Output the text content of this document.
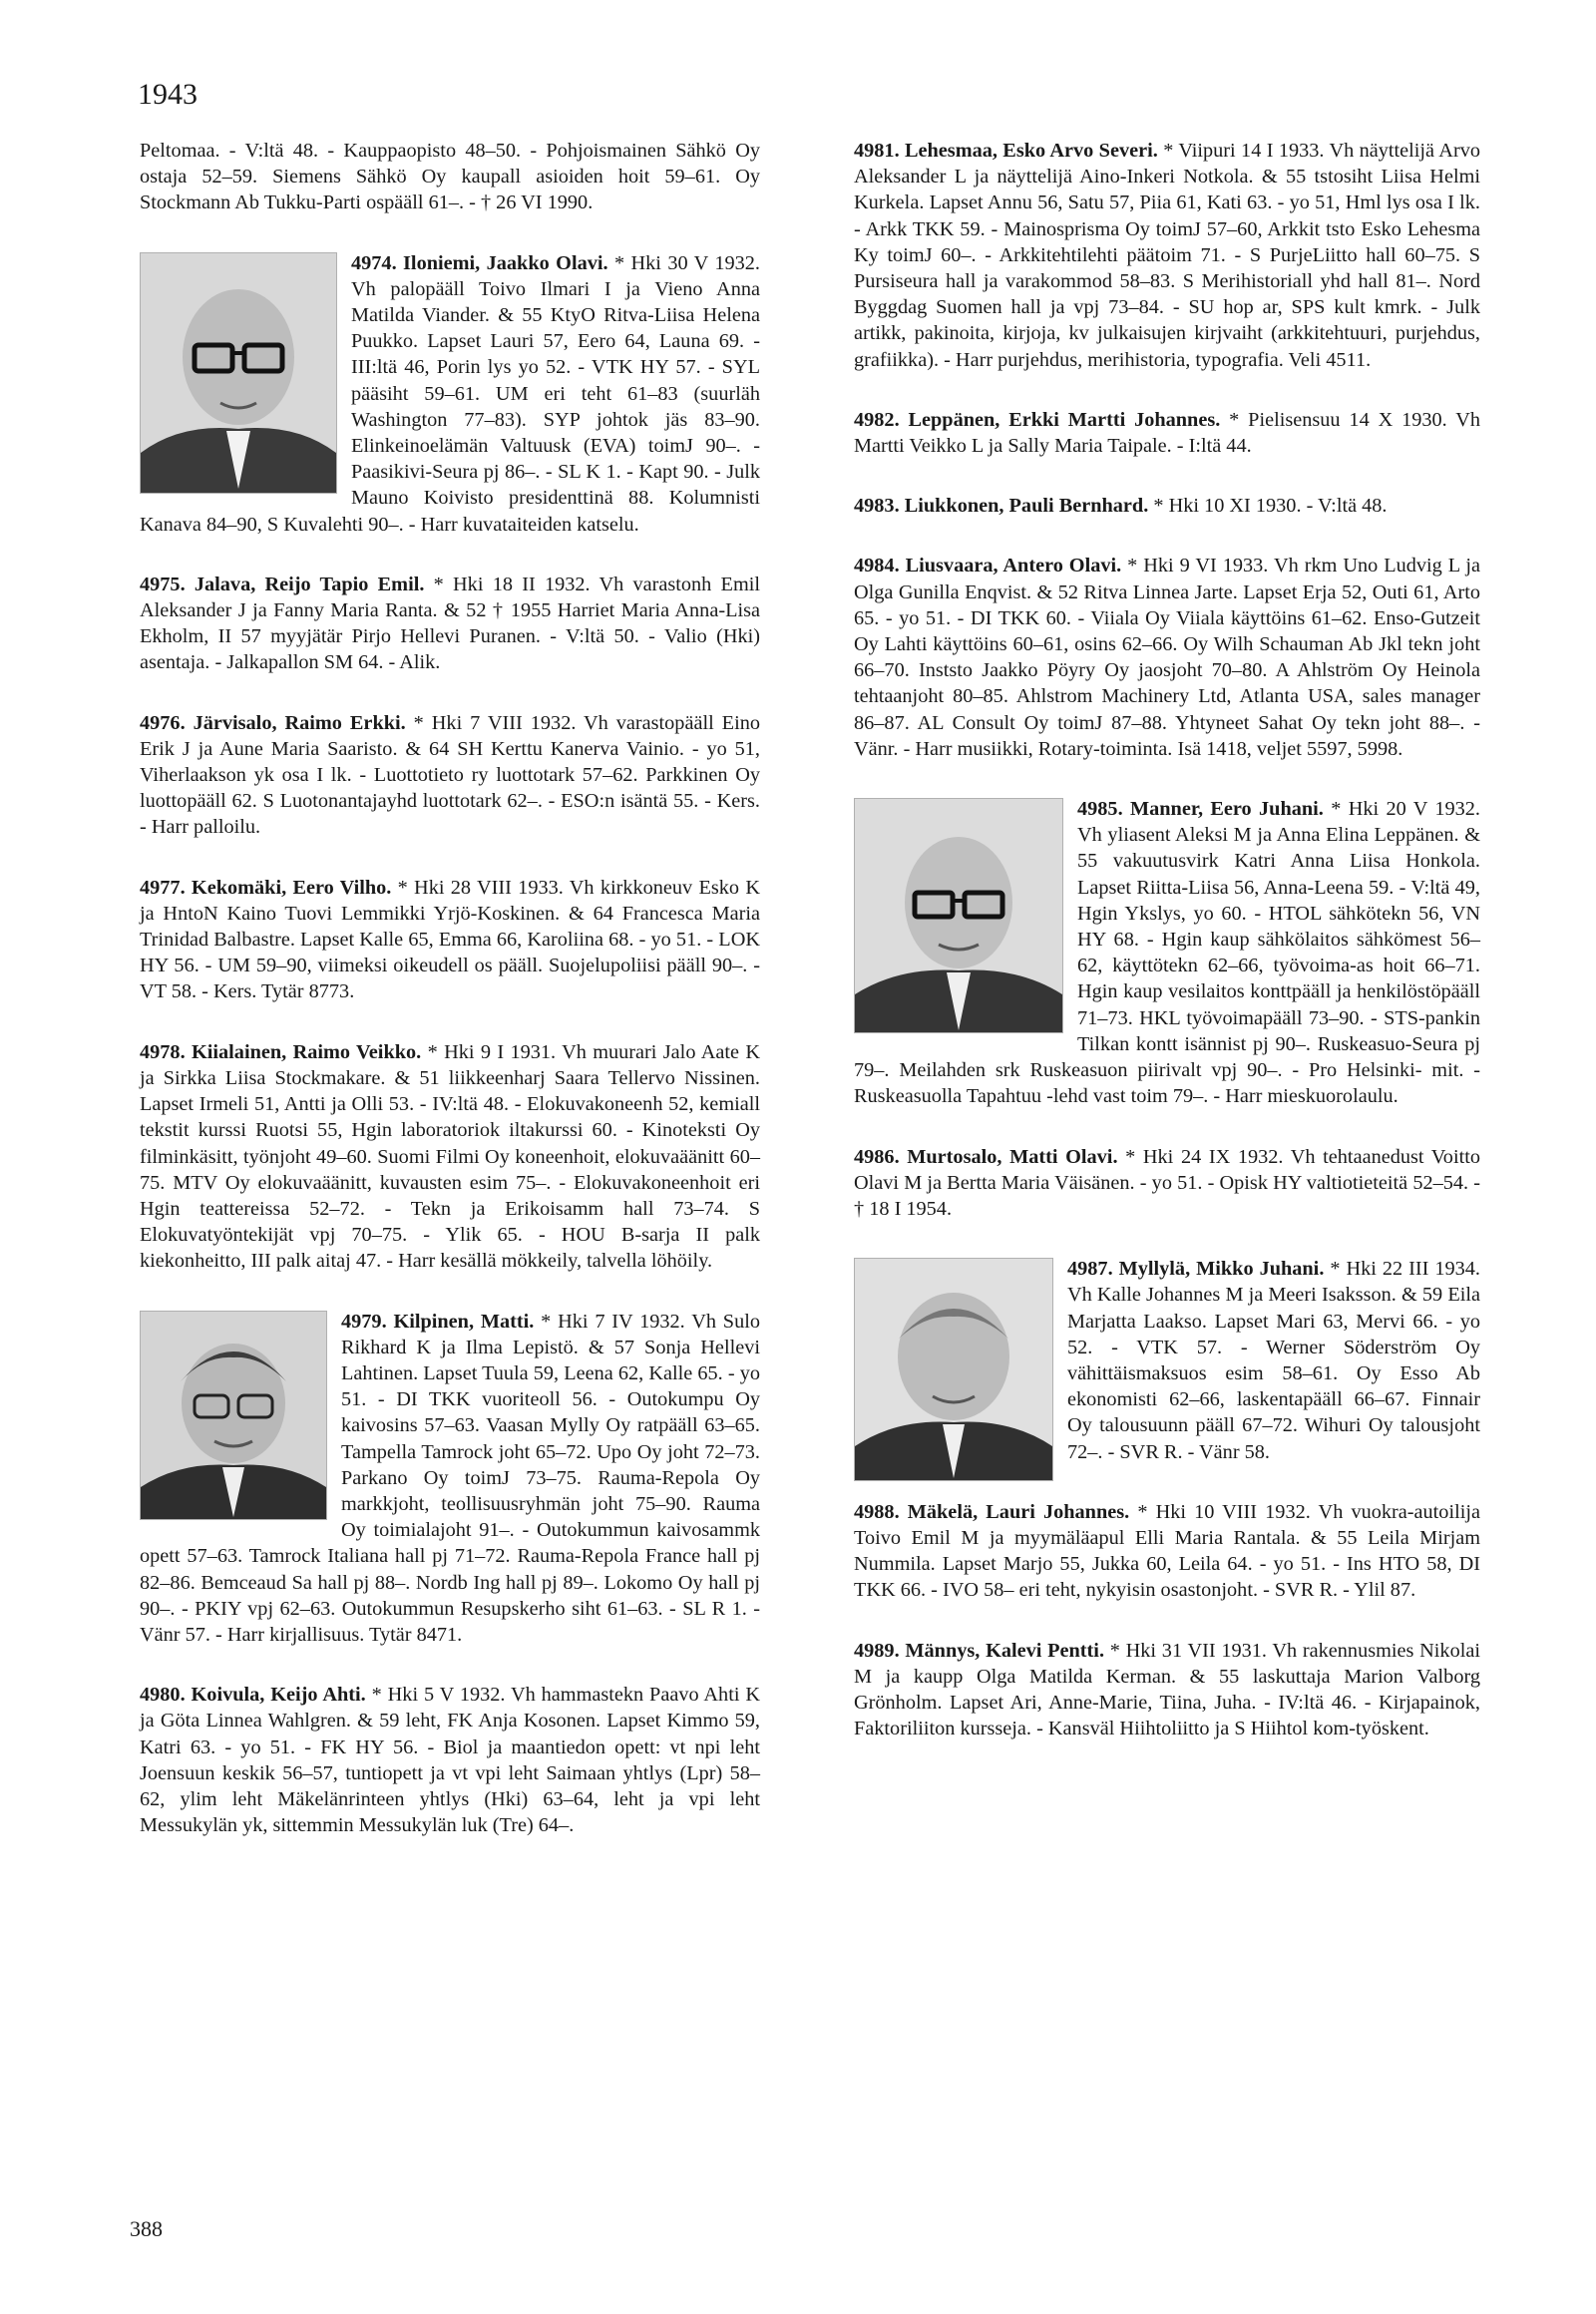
1943

Peltomaa. - V:ltä 48. - Kauppaopisto 48–50. - Pohjoismainen Sähkö Oy ostaja 52–59. Siemens Sähkö Oy kaupall asioiden hoit 59–61. Oy Stockmann Ab Tukku-Parti ospääll 61–. - † 26 VI 1990.

4974. Iloniemi, Jaakko Olavi. * Hki 30 V 1932. Vh palopääll Toivo Ilmari I ja Vieno Anna Matilda Viander. & 55 KtyO Ritva-Liisa Helena Puukko. Lapset Lauri 57, Eero 64, Launa 69. - III:ltä 46, Porin lys yo 52. - VTK HY 57. - SYL pääsiht 59–61. UM eri teht 61–83 (suurläh Washington 77–83). SYP johtok jäs 83–90. Elinkeinoelämän Valtuusk (EVA) toimJ 90–. - Paasikivi-Seura pj 86–. - SL K 1. - Kapt 90. - Julk Mauno Koivisto presidenttinä 88. Kolumnisti Kanava 84–90, S Kuvalehti 90–. - Harr kuvataiteiden katselu.

4975. Jalava, Reijo Tapio Emil. * Hki 18 II 1932. Vh varastonh Emil Aleksander J ja Fanny Maria Ranta. & 52 † 1955 Harriet Maria Anna-Lisa Ekholm, II 57 myyjätär Pirjo Hellevi Puranen. - V:ltä 50. - Valio (Hki) asentaja. - Jalkapallon SM 64. - Alik.

4976. Järvisalo, Raimo Erkki. * Hki 7 VIII 1932. Vh varastopääll Eino Erik J ja Aune Maria Saaristo. & 64 SH Kerttu Kanerva Vainio. - yo 51, Viherlaakson yk osa I lk. - Luottotieto ry luottotark 57–62. Parkkinen Oy luottopääll 62. S Luotonantajayhd luottotark 62–. - ESO:n isäntä 55. - Kers. - Harr palloilu.

4977. Kekomäki, Eero Vilho. * Hki 28 VIII 1933. Vh kirkkoneuv Esko K ja HntoN Kaino Tuovi Lemmikki Yrjö-Koskinen. & 64 Francesca Maria Trinidad Balbastre. Lapset Kalle 65, Emma 66, Karoliina 68. - yo 51. - LOK HY 56. - UM 59–90, viimeksi oikeudell os pääll. Suojelupoliisi pääll 90–. - VT 58. - Kers. Tytär 8773.

4978. Kiialainen, Raimo Veikko. * Hki 9 I 1931. Vh muurari Jalo Aate K ja Sirkka Liisa Stockmakare. & 51 liikkeenharj Saara Tellervo Nissinen. Lapset Irmeli 51, Antti ja Olli 53. - IV:ltä 48. - Elokuvakoneenh 52, kemiall tekstit kurssi Ruotsi 55, Hgin laboratoriok iltakurssi 60. - Kinoteksti Oy filminkäsitt, työnjoht 49–60. Suomi Filmi Oy koneenhoit, elokuvaäänitt 60–75. MTV Oy elokuvaäänitt, kuvausten esim 75–. - Elokuvakoneenhoit eri Hgin teattereissa 52–72. - Tekn ja Erikoisamm hall 73–74. S Elokuvatyöntekijät vpj 70–75. - Ylik 65. - HOU B-sarja II palk kiekonheitto, III palk aitaj 47. - Harr kesällä mökkeily, talvella löhöily.

4979. Kilpinen, Matti. * Hki 7 IV 1932. Vh Sulo Rikhard K ja Ilma Lepistö. & 57 Sonja Hellevi Lahtinen. Lapset Tuula 59, Leena 62, Kalle 65. - yo 51. - DI TKK vuoriteoll 56. - Outokumpu Oy kaivosins 57–63. Vaasan Mylly Oy ratpääll 63–65. Tampella Tamrock joht 65–72. Upo Oy joht 72–73. Parkano Oy toimJ 73–75. Rauma-Repola Oy markkjoht, teollisuusryhmän joht 75–90. Rauma Oy toimialajoht 91–. - Outokummun kaivosammk opett 57–63. Tamrock Italiana hall pj 71–72. Rauma-Repola France hall pj 82–86. Bemceaud Sa hall pj 88–. Nordb Ing hall pj 89–. Lokomo Oy hall pj 90–. - PKIY vpj 62–63. Outokummun Resupskerho siht 61–63. - SL R 1. - Vänr 57. - Harr kirjallisuus. Tytär 8471.

4980. Koivula, Keijo Ahti. * Hki 5 V 1932. Vh hammastekn Paavo Ahti K ja Göta Linnea Wahlgren. & 59 leht, FK Anja Kosonen. Lapset Kimmo 59, Katri 63. - yo 51. - FK HY 56. - Biol ja maantiedon opett: vt npi leht Joensuun keskik 56–57, tuntiopett ja vt vpi leht Saimaan yhtlys (Lpr) 58–62, ylim leht Mäkelänrinteen yhtlys (Hki) 63–64, leht ja vpi leht Messukylän yk, sittemmin Messukylän luk (Tre) 64–.

4981. Lehesmaa, Esko Arvo Severi. * Viipuri 14 I 1933. Vh näyttelijä Arvo Aleksander L ja näyttelijä Aino-Inkeri Notkola. & 55 tstosiht Liisa Helmi Kurkela. Lapset Annu 56, Satu 57, Piia 61, Kati 63. - yo 51, Hml lys osa I lk. - Arkk TKK 59. - Mainosprisma Oy toimJ 57–60, Arkkit tsto Esko Lehesma Ky toimJ 60–. - Arkkitehtilehti päätoim 71. - S PurjeLiitto hall 60–75. S Pursiseura hall ja varakommod 58–83. S Merihistoriall yhd hall 81–. Nord Byggdag Suomen hall ja vpj 73–84. - SU hop ar, SPS kult kmrk. - Julk artikk, pakinoita, kirjoja, kv julkaisujen kirjvaiht (arkkitehtuuri, purjehdus, grafiikka). - Harr purjehdus, merihistoria, typografia. Veli 4511.

4982. Leppänen, Erkki Martti Johannes. * Pielisensuu 14 X 1930. Vh Martti Veikko L ja Sally Maria Taipale. - I:ltä 44.

4983. Liukkonen, Pauli Bernhard. * Hki 10 XI 1930. - V:ltä 48.

4984. Liusvaara, Antero Olavi. * Hki 9 VI 1933. Vh rkm Uno Ludvig L ja Olga Gunilla Enqvist. & 52 Ritva Linnea Jarte. Lapset Erja 52, Outi 61, Arto 65. - yo 51. - DI TKK 60. - Viiala Oy Viiala käyttöins 61–62. Enso-Gutzeit Oy Lahti käyttöins 60–61, osins 62–66. Oy Wilh Schauman Ab Jkl tekn joht 66–70. Inststo Jaakko Pöyry Oy jaosjoht 70–80. A Ahlström Oy Heinola tehtaanjoht 80–85. Ahlstrom Machinery Ltd, Atlanta USA, sales manager 86–87. AL Consult Oy toimJ 87–88. Yhtyneet Sahat Oy tekn joht 88–. - Vänr. - Harr musiikki, Rotary-toiminta. Isä 1418, veljet 5597, 5998.

4985. Manner, Eero Juhani. * Hki 20 V 1932. Vh yliasent Aleksi M ja Anna Elina Leppänen. & 55 vakuutusvirk Katri Anna Liisa Honkola. Lapset Riitta-Liisa 56, Anna-Leena 59. - V:ltä 49, Hgin Ykslys, yo 60. - HTOL sähkötekn 56, VN HY 68. - Hgin kaup sähkölaitos sähkömest 56–62, käyttötekn 62–66, työvoima-as hoit 66–71. Hgin kaup vesilaitos konttpääll ja henkilöstöpääll 71–73. HKL työvoimapääll 73–90. - STS-pankin Tilkan kontt isännist pj 90–. Ruskeasuo-Seura pj 79–. Meilahden srk Ruskeasuon piirivalt vpj 90–. - Pro Helsinki- mit. - Ruskeasuolla Tapahtuu -lehd vast toim 79–. - Harr mieskuorolaulu.

4986. Murtosalo, Matti Olavi. * Hki 24 IX 1932. Vh tehtaanedust Voitto Olavi M ja Bertta Maria Väisänen. - yo 51. - Opisk HY valtiotieteitä 52–54. - † 18 I 1954.

4987. Myllylä, Mikko Juhani. * Hki 22 III 1934. Vh Kalle Johannes M ja Meeri Isaksson. & 59 Eila Marjatta Laakso. Lapset Mari 63, Mervi 66. - yo 52. - VTK 57. - Werner Söderström Oy vähittäismaksuos esim 58–61. Oy Esso Ab ekonomisti 62–66, laskentapääll 66–67. Finnair Oy talousuunn pääll 67–72. Wihuri Oy talousjoht 72–. - SVR R. - Vänr 58.

4988. Mäkelä, Lauri Johannes. * Hki 10 VIII 1932. Vh vuokra-autoilija Toivo Emil M ja myymäläapul Elli Maria Rantala. & 55 Leila Mirjam Nummila. Lapset Marjo 55, Jukka 60, Leila 64. - yo 51. - Ins HTO 58, DI TKK 66. - IVO 58– eri teht, nykyisin osastonjoht. - SVR R. - Ylil 87.

4989. Männys, Kalevi Pentti. * Hki 31 VII 1931. Vh rakennusmies Nikolai M ja kaupp Olga Matilda Kerman. & 55 laskuttaja Marion Valborg Grönholm. Lapset Ari, Anne-Marie, Tiina, Juha. - IV:ltä 46. - Kirjapainok, Faktoriliiton kursseja. - Kansväl Hiihtoliitto ja S Hiihtol kom-työskent.

388
